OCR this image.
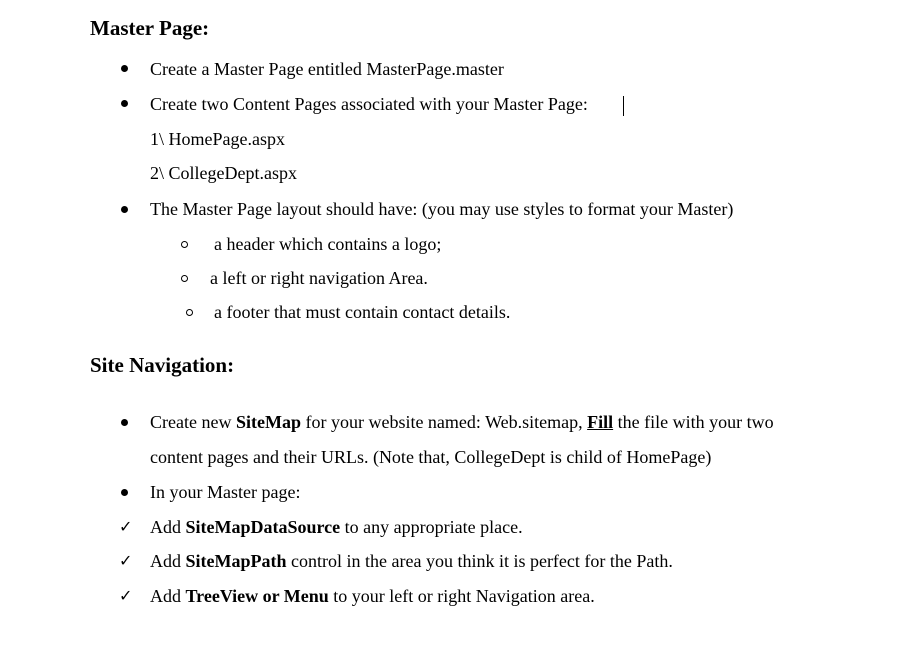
Master Page:
Create a Master Page entitled MasterPage.master
Create two Content Pages associated with your Master Page:
1\ HomePage.aspx
2\ CollegeDept.aspx
The Master Page layout should have: (you may use styles to format your Master)
a header which contains a logo;
a left or right navigation Area.
a footer that must contain contact details.
Site Navigation:
Create new SiteMap for your website named: Web.sitemap, Fill the file with your two
content pages and their URLs. (Note that, CollegeDept is child of HomePage)
In your Master page:
✓ Add SiteMapDataSource to any appropriate place.
✓ Add SiteMapPath control in the area you think it is perfect for the Path.
✓ Add TreeView or Menu to your left or right Navigation area.
